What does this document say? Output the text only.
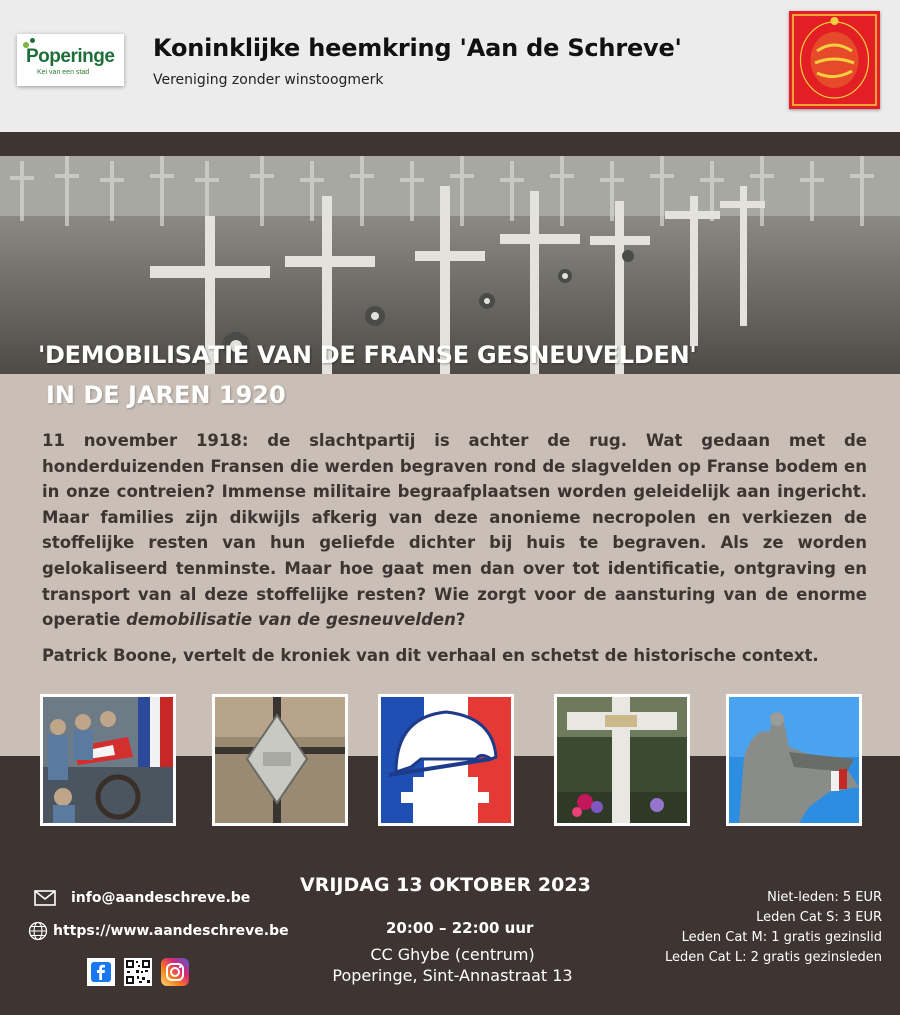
Poperinge
Kei van een stad
Koninklijke heemkring 'Aan de Schreve'
Vereniging zonder winstoogmerk
'DEMOBILISATIE VAN DE FRANSE GESNEUVELDEN'
IN DE JAREN 1920
11 november 1918: de slachtpartij is achter de rug. Wat gedaan met de honderduizenden Fransen die werden begraven rond de slagvelden op Franse bodem en in onze contreien? Immense militaire begraafplaatsen worden geleidelijk aan ingericht. Maar families zijn dikwijls afkerig van deze anonieme necropolen en verkiezen de stoffelijke resten van hun geliefde dichter bij huis te begraven. Als ze worden gelokaliseerd tenminste. Maar hoe gaat men dan over tot identificatie, ontgraving en transport van al deze stoffelijke resten? Wie zorgt voor de aansturing van de enorme operatie demobilisatie van de gesneuvelden?
Patrick Boone, vertelt de kroniek van dit verhaal en schetst de historische context.
info@aandeschreve.be
https://www.aandeschreve.be
VRIJDAG 13 OKTOBER 2023
20:00 – 22:00 uur
CC Ghybe (centrum)
Poperinge, Sint-Annastraat 13
Niet-leden: 5 EUR
Leden Cat S: 3 EUR
Leden Cat M: 1 gratis gezinslid
Leden Cat L: 2 gratis gezinsleden
